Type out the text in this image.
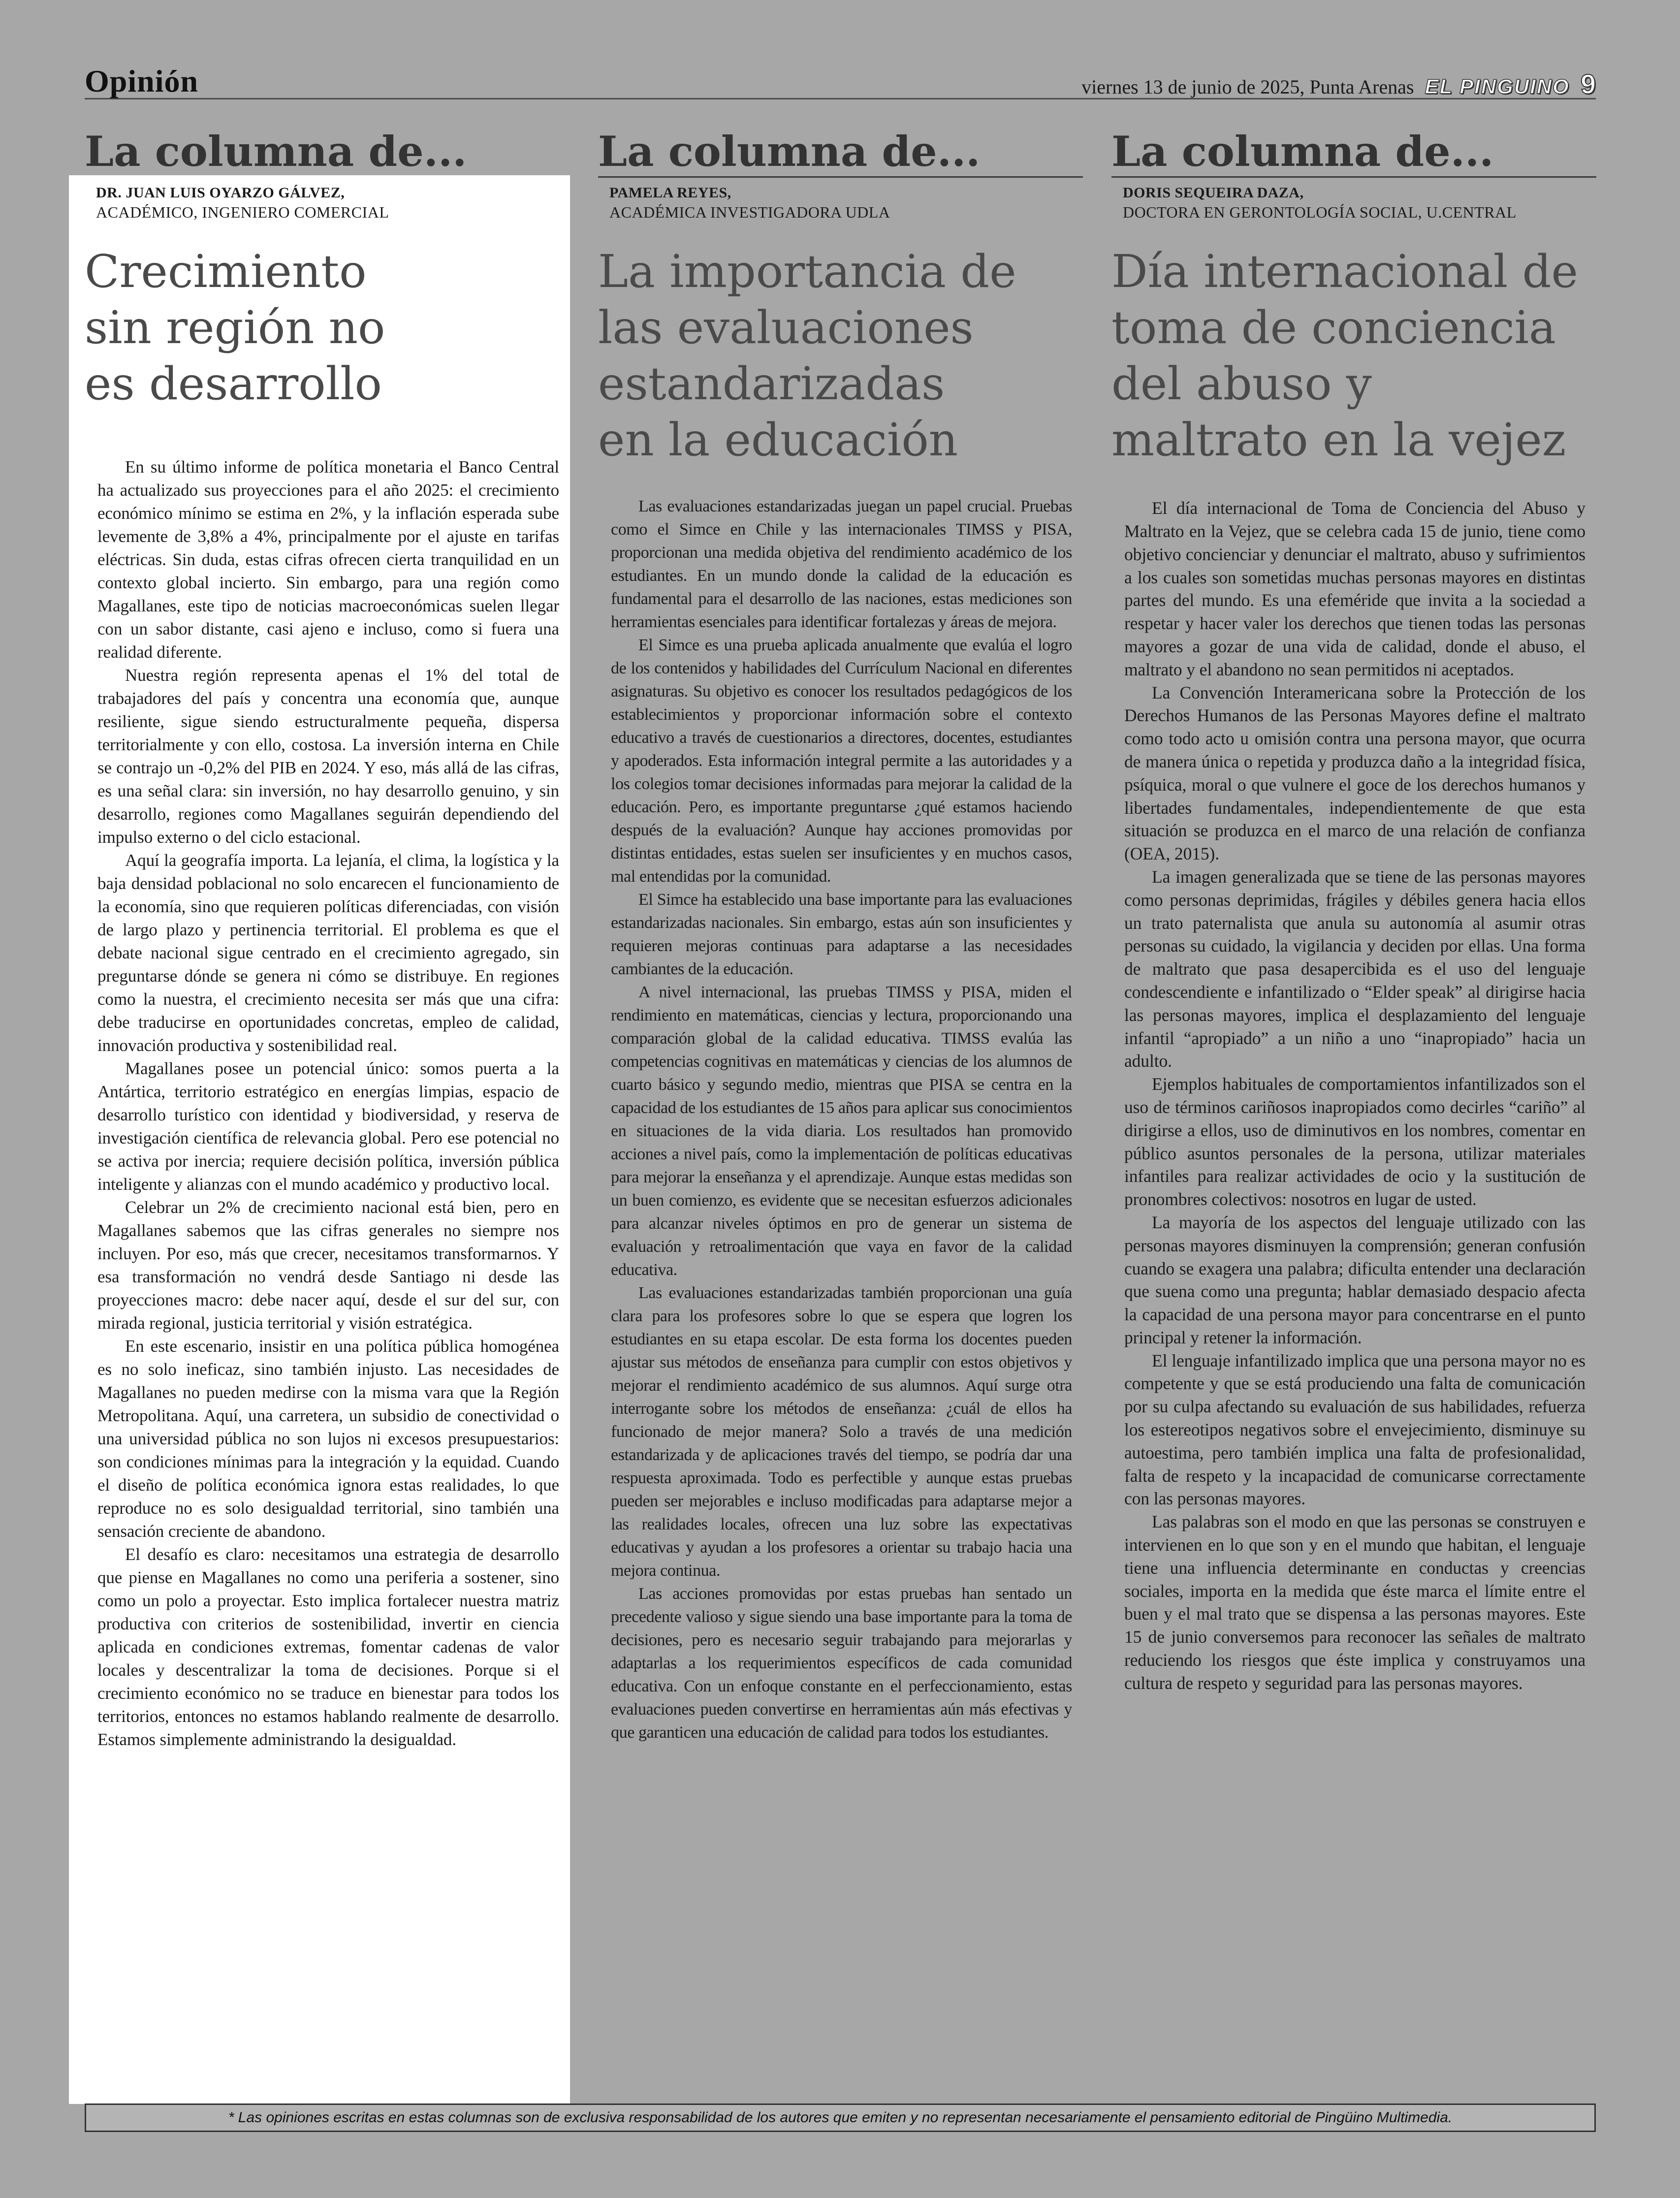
Opinión	viernes 13 de junio de 2025, Punta Arenas EL PINGUINO 9
La columna de...
DR. JUAN LUIS OYARZO GÁLVEZ,
ACADÉMICO, INGENIERO COMERCIAL
Crecimiento
sin región no
es desarrollo

En su último informe de política monetaria el Banco Central ha actualizado sus proyecciones para el año 2025: el crecimiento económico mínimo se estima en 2%, y la inflación esperada sube levemente de 3,8% a 4%, principalmente por el ajuste en tarifas eléctricas. Sin duda, estas cifras ofrecen cierta tranquilidad en un contexto global incierto. Sin embargo, para una región como Magallanes, este tipo de noticias macroeconómicas suelen llegar con un sabor distante, casi ajeno e incluso, como si fuera una realidad diferente.

Nuestra región representa apenas el 1% del total de trabajadores del país y concentra una economía que, aunque resiliente, sigue siendo estructuralmente pequeña, dispersa territorialmente y con ello, costosa. La inversión interna en Chile se contrajo un -0,2% del PIB en 2024. Y eso, más allá de las cifras, es una señal clara: sin inversión, no hay desarrollo genuino, y sin desarrollo, regiones como Magallanes seguirán dependiendo del impulso externo o del ciclo estacional.

Aquí la geografía importa. La lejanía, el clima, la logística y la baja densidad poblacional no solo encarecen el funcionamiento de la economía, sino que requieren políticas diferenciadas, con visión de largo plazo y pertinencia territorial. El problema es que el debate nacional sigue centrado en el crecimiento agregado, sin preguntarse dónde se genera ni cómo se distribuye. En regiones como la nuestra, el crecimiento necesita ser más que una cifra: debe traducirse en oportunidades concretas, empleo de calidad, innovación productiva y sostenibilidad real.

Magallanes posee un potencial único: somos puerta a la Antártica, territorio estratégico en energías limpias, espacio de desarrollo turístico con identidad y biodiversidad, y reserva de investigación científica de relevancia global. Pero ese potencial no se activa por inercia; requiere decisión política, inversión pública inteligente y alianzas con el mundo académico y productivo local.

Celebrar un 2% de crecimiento nacional está bien, pero en Magallanes sabemos que las cifras generales no siempre nos incluyen. Por eso, más que crecer, necesitamos transformarnos. Y esa transformación no vendrá desde Santiago ni desde las proyecciones macro: debe nacer aquí, desde el sur del sur, con mirada regional, justicia territorial y visión estratégica.

En este escenario, insistir en una política pública homogénea es no solo ineficaz, sino también injusto. Las necesidades de Magallanes no pueden medirse con la misma vara que la Región Metropolitana. Aquí, una carretera, un subsidio de conectividad o una universidad pública no son lujos ni excesos presupuestarios: son condiciones mínimas para la integración y la equidad. Cuando el diseño de política económica ignora estas realidades, lo que reproduce no es solo desigualdad territorial, sino también una sensación creciente de abandono.

El desafío es claro: necesitamos una estrategia de desarrollo que piense en Magallanes no como una periferia a sostener, sino como un polo a proyectar. Esto implica fortalecer nuestra matriz productiva con criterios de sostenibilidad, invertir en ciencia aplicada en condiciones extremas, fomentar cadenas de valor locales y descentralizar la toma de decisiones. Porque si el crecimiento económico no se traduce en bienestar para todos los territorios, entonces no estamos hablando realmente de desarrollo. Estamos simplemente administrando la desigualdad.

La columna de...
PAMELA REYES,
ACADÉMICA INVESTIGADORA UDLA
La importancia de
las evaluaciones
estandarizadas
en la educación

Las evaluaciones estandarizadas juegan un papel crucial. Pruebas como el Simce en Chile y las internacionales TIMSS y PISA, proporcionan una medida objetiva del rendimiento académico de los estudiantes. En un mundo donde la calidad de la educación es fundamental para el desarrollo de las naciones, estas mediciones son herramientas esenciales para identificar fortalezas y áreas de mejora.

El Simce es una prueba aplicada anualmente que evalúa el logro de los contenidos y habilidades del Currículum Nacional en diferentes asignaturas. Su objetivo es conocer los resultados pedagógicos de los establecimientos y proporcionar información sobre el contexto educativo a través de cuestionarios a directores, docentes, estudiantes y apoderados. Esta información integral permite a las autoridades y a los colegios tomar decisiones informadas para mejorar la calidad de la educación. Pero, es importante preguntarse ¿qué estamos haciendo después de la evaluación? Aunque hay acciones promovidas por distintas entidades, estas suelen ser insuficientes y en muchos casos, mal entendidas por la comunidad.

El Simce ha establecido una base importante para las evaluaciones estandarizadas nacionales. Sin embargo, estas aún son insuficientes y requieren mejoras continuas para adaptarse a las necesidades cambiantes de la educación.

A nivel internacional, las pruebas TIMSS y PISA, miden el rendimiento en matemáticas, ciencias y lectura, proporcionando una comparación global de la calidad educativa. TIMSS evalúa las competencias cognitivas en matemáticas y ciencias de los alumnos de cuarto básico y segundo medio, mientras que PISA se centra en la capacidad de los estudiantes de 15 años para aplicar sus conocimientos en situaciones de la vida diaria. Los resultados han promovido acciones a nivel país, como la implementación de políticas educativas para mejorar la enseñanza y el aprendizaje. Aunque estas medidas son un buen comienzo, es evidente que se necesitan esfuerzos adicionales para alcanzar niveles óptimos en pro de generar un sistema de evaluación y retroalimentación que vaya en favor de la calidad educativa.

Las evaluaciones estandarizadas también proporcionan una guía clara para los profesores sobre lo que se espera que logren los estudiantes en su etapa escolar. De esta forma los docentes pueden ajustar sus métodos de enseñanza para cumplir con estos objetivos y mejorar el rendimiento académico de sus alumnos. Aquí surge otra interrogante sobre los métodos de enseñanza: ¿cuál de ellos ha funcionado de mejor manera? Solo a través de una medición estandarizada y de aplicaciones través del tiempo, se podría dar una respuesta aproximada. Todo es perfectible y aunque estas pruebas pueden ser mejorables e incluso modificadas para adaptarse mejor a las realidades locales, ofrecen una luz sobre las expectativas educativas y ayudan a los profesores a orientar su trabajo hacia una mejora continua.

Las acciones promovidas por estas pruebas han sentado un precedente valioso y sigue siendo una base importante para la toma de decisiones, pero es necesario seguir trabajando para mejorarlas y adaptarlas a los requerimientos específicos de cada comunidad educativa. Con un enfoque constante en el perfeccionamiento, estas evaluaciones pueden convertirse en herramientas aún más efectivas y que garanticen una educación de calidad para todos los estudiantes.

La columna de...
DORIS SEQUEIRA DAZA,
DOCTORA EN GERONTOLOGÍA SOCIAL, U.CENTRAL
Día internacional de
toma de conciencia
del abuso y
maltrato en la vejez

El día internacional de Toma de Conciencia del Abuso y Maltrato en la Vejez, que se celebra cada 15 de junio, tiene como objetivo concienciar y denunciar el maltrato, abuso y sufrimientos a los cuales son sometidas muchas personas mayores en distintas partes del mundo. Es una efeméride que invita a la sociedad a respetar y hacer valer los derechos que tienen todas las personas mayores a gozar de una vida de calidad, donde el abuso, el maltrato y el abandono no sean permitidos ni aceptados.

La Convención Interamericana sobre la Protección de los Derechos Humanos de las Personas Mayores define el maltrato como todo acto u omisión contra una persona mayor, que ocurra de manera única o repetida y produzca daño a la integridad física, psíquica, moral o que vulnere el goce de los derechos humanos y libertades fundamentales, independientemente de que esta situación se produzca en el marco de una relación de confianza (OEA, 2015).

La imagen generalizada que se tiene de las personas mayores como personas deprimidas, frágiles y débiles genera hacia ellos un trato paternalista que anula su autonomía al asumir otras personas su cuidado, la vigilancia y deciden por ellas. Una forma de maltrato que pasa desapercibida es el uso del lenguaje condescendiente e infantilizado o “Elder speak” al dirigirse hacia las personas mayores, implica el desplazamiento del lenguaje infantil “apropiado” a un niño a uno “inapropiado” hacia un adulto.

Ejemplos habituales de comportamientos infantilizados son el uso de términos cariñosos inapropiados como decirles “cariño” al dirigirse a ellos, uso de diminutivos en los nombres, comentar en público asuntos personales de la persona, utilizar materiales infantiles para realizar actividades de ocio y la sustitución de pronombres colectivos: nosotros en lugar de usted.

La mayoría de los aspectos del lenguaje utilizado con las personas mayores disminuyen la comprensión; generan confusión cuando se exagera una palabra; dificulta entender una declaración que suena como una pregunta; hablar demasiado despacio afecta la capacidad de una persona mayor para concentrarse en el punto principal y retener la información.

El lenguaje infantilizado implica que una persona mayor no es competente y que se está produciendo una falta de comunicación por su culpa afectando su evaluación de sus habilidades, refuerza los estereotipos negativos sobre el envejecimiento, disminuye su autoestima, pero también implica una falta de profesionalidad, falta de respeto y la incapacidad de comunicarse correctamente con las personas mayores.

Las palabras son el modo en que las personas se construyen e intervienen en lo que son y en el mundo que habitan, el lenguaje tiene una influencia determinante en conductas y creencias sociales, importa en la medida que éste marca el límite entre el buen y el mal trato que se dispensa a las personas mayores. Este 15 de junio conversemos para reconocer las señales de maltrato reduciendo los riesgos que éste implica y construyamos una cultura de respeto y seguridad para las personas mayores.

* Las opiniones escritas en estas columnas son de exclusiva responsabilidad de los autores que emiten y no representan necesariamente el pensamiento editorial de Pingüino Multimedia.
